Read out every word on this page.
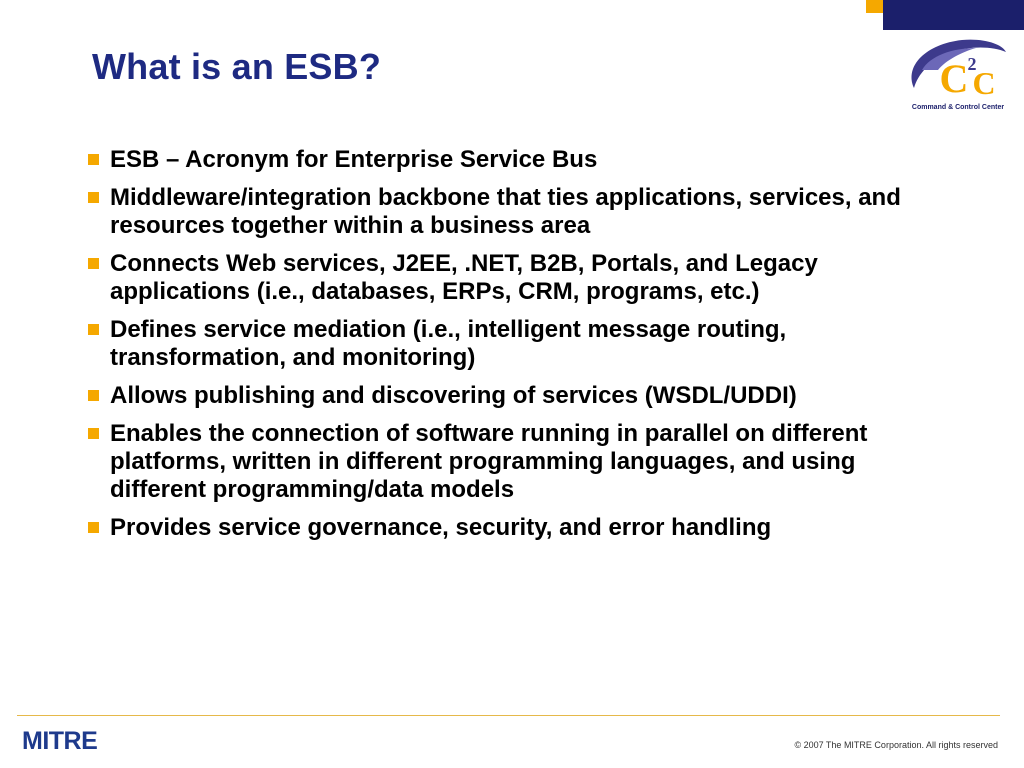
What is an ESB?	C 2
C
Command & Control Center
ESB – Acronym for Enterprise Service Bus
Middleware/integration backbone that ties applications, services, and resources together within a business area
Connects Web services, J2EE, .NET, B2B, Portals, and Legacy applications (i.e., databases, ERPs, CRM, programs, etc.)
Defines service mediation (i.e., intelligent message routing, transformation, and monitoring)
Allows publishing and discovering of services (WSDL/UDDI)
Enables the connection of software running in parallel on different platforms, written in different programming languages, and using different programming/data models
Provides service governance, security, and error handling
MITRE	© 2007 The MITRE Corporation. All rights reserved
